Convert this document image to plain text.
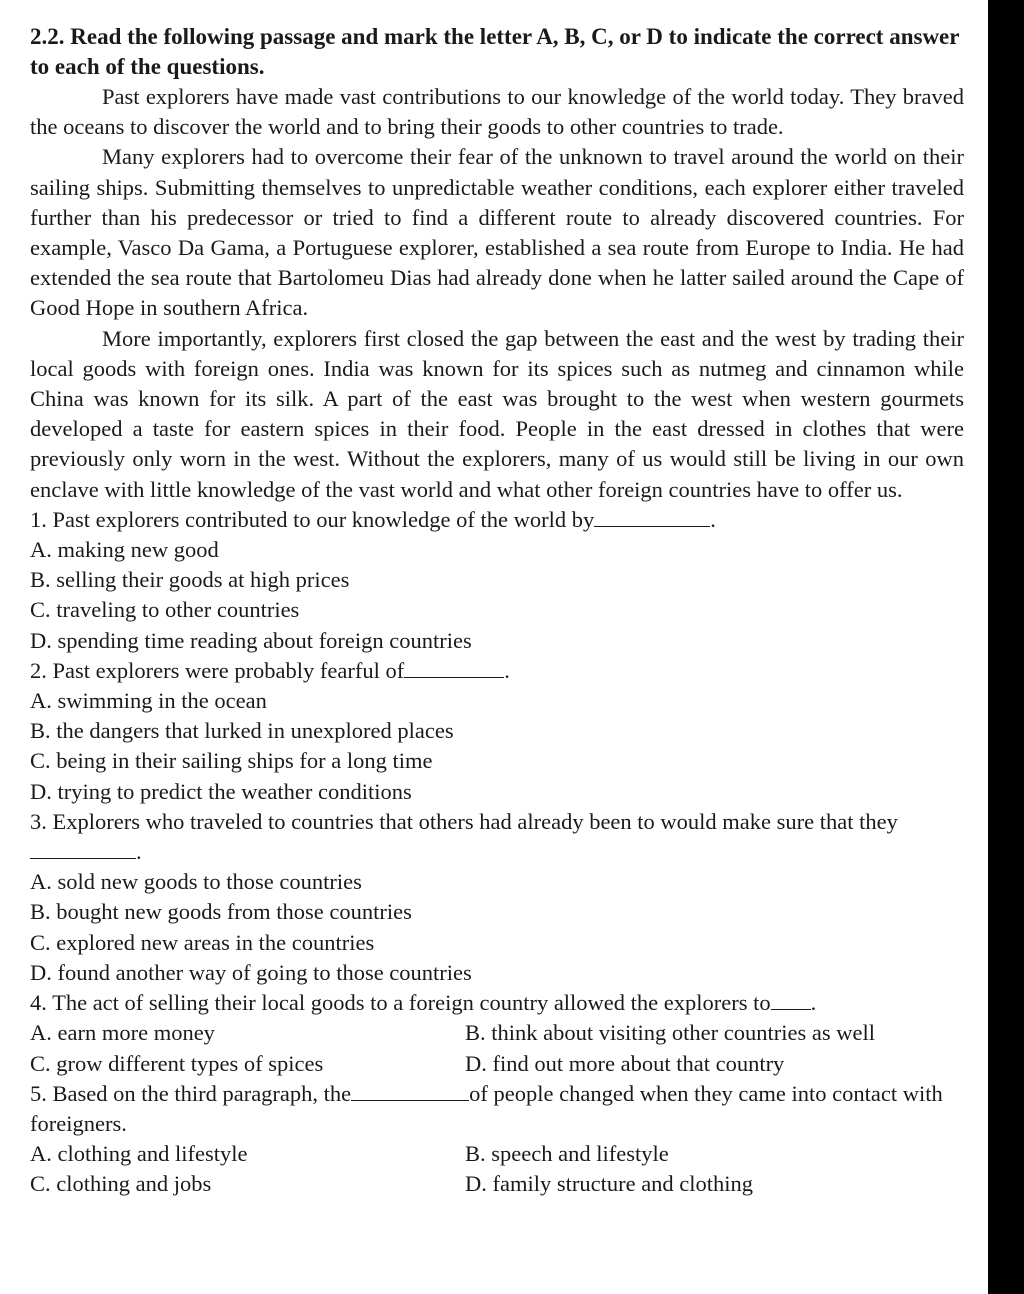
2.2. Read the following passage and mark the letter A, B, C, or D to indicate the correct answer to each of the questions.

Past explorers have made vast contributions to our knowledge of the world today. They braved the oceans to discover the world and to bring their goods to other countries to trade.

Many explorers had to overcome their fear of the unknown to travel around the world on their sailing ships. Submitting themselves to unpredictable weather conditions, each explorer either traveled further than his predecessor or tried to find a different route to already discovered countries. For example, Vasco Da Gama, a Portuguese explorer, established a sea route from Europe to India. He had extended the sea route that Bartolomeu Dias had already done when he latter sailed around the Cape of Good Hope in southern Africa.

More importantly, explorers first closed the gap between the east and the west by trading their local goods with foreign ones. India was known for its spices such as nutmeg and cinnamon while China was known for its silk. A part of the east was brought to the west when western gourmets developed a taste for eastern spices in their food. People in the east dressed in clothes that were previously only worn in the west. Without the explorers, many of us would still be living in our own enclave with little knowledge of the vast world and what other foreign countries have to offer us.

1. Past explorers contributed to our knowledge of the world by	.

A. making new good

B. selling their goods at high prices

C. traveling to other countries

D. spending time reading about foreign countries

2. Past explorers were probably fearful of	.

A. swimming in the ocean

B. the dangers that lurked in unexplored places

C. being in their sailing ships for a long time

D. trying to predict the weather conditions

3. Explorers who traveled to countries that others had already been to would make sure that they.

A. sold new goods to those countries

B. bought new goods from those countries

C. explored new areas in the countries

D. found another way of going to those countries

4. The act of selling their local goods to a foreign country allowed the explorers to .

A. earn more money	B. think about visiting other countries as well

C. grow different types of spices	D. find out more about that country

5. Based on the third paragraph, the	of people changed when they came into contact with foreigners.

A. clothing and lifestyle	B. speech and lifestyle

C. clothing and jobs	D. family structure and clothing
